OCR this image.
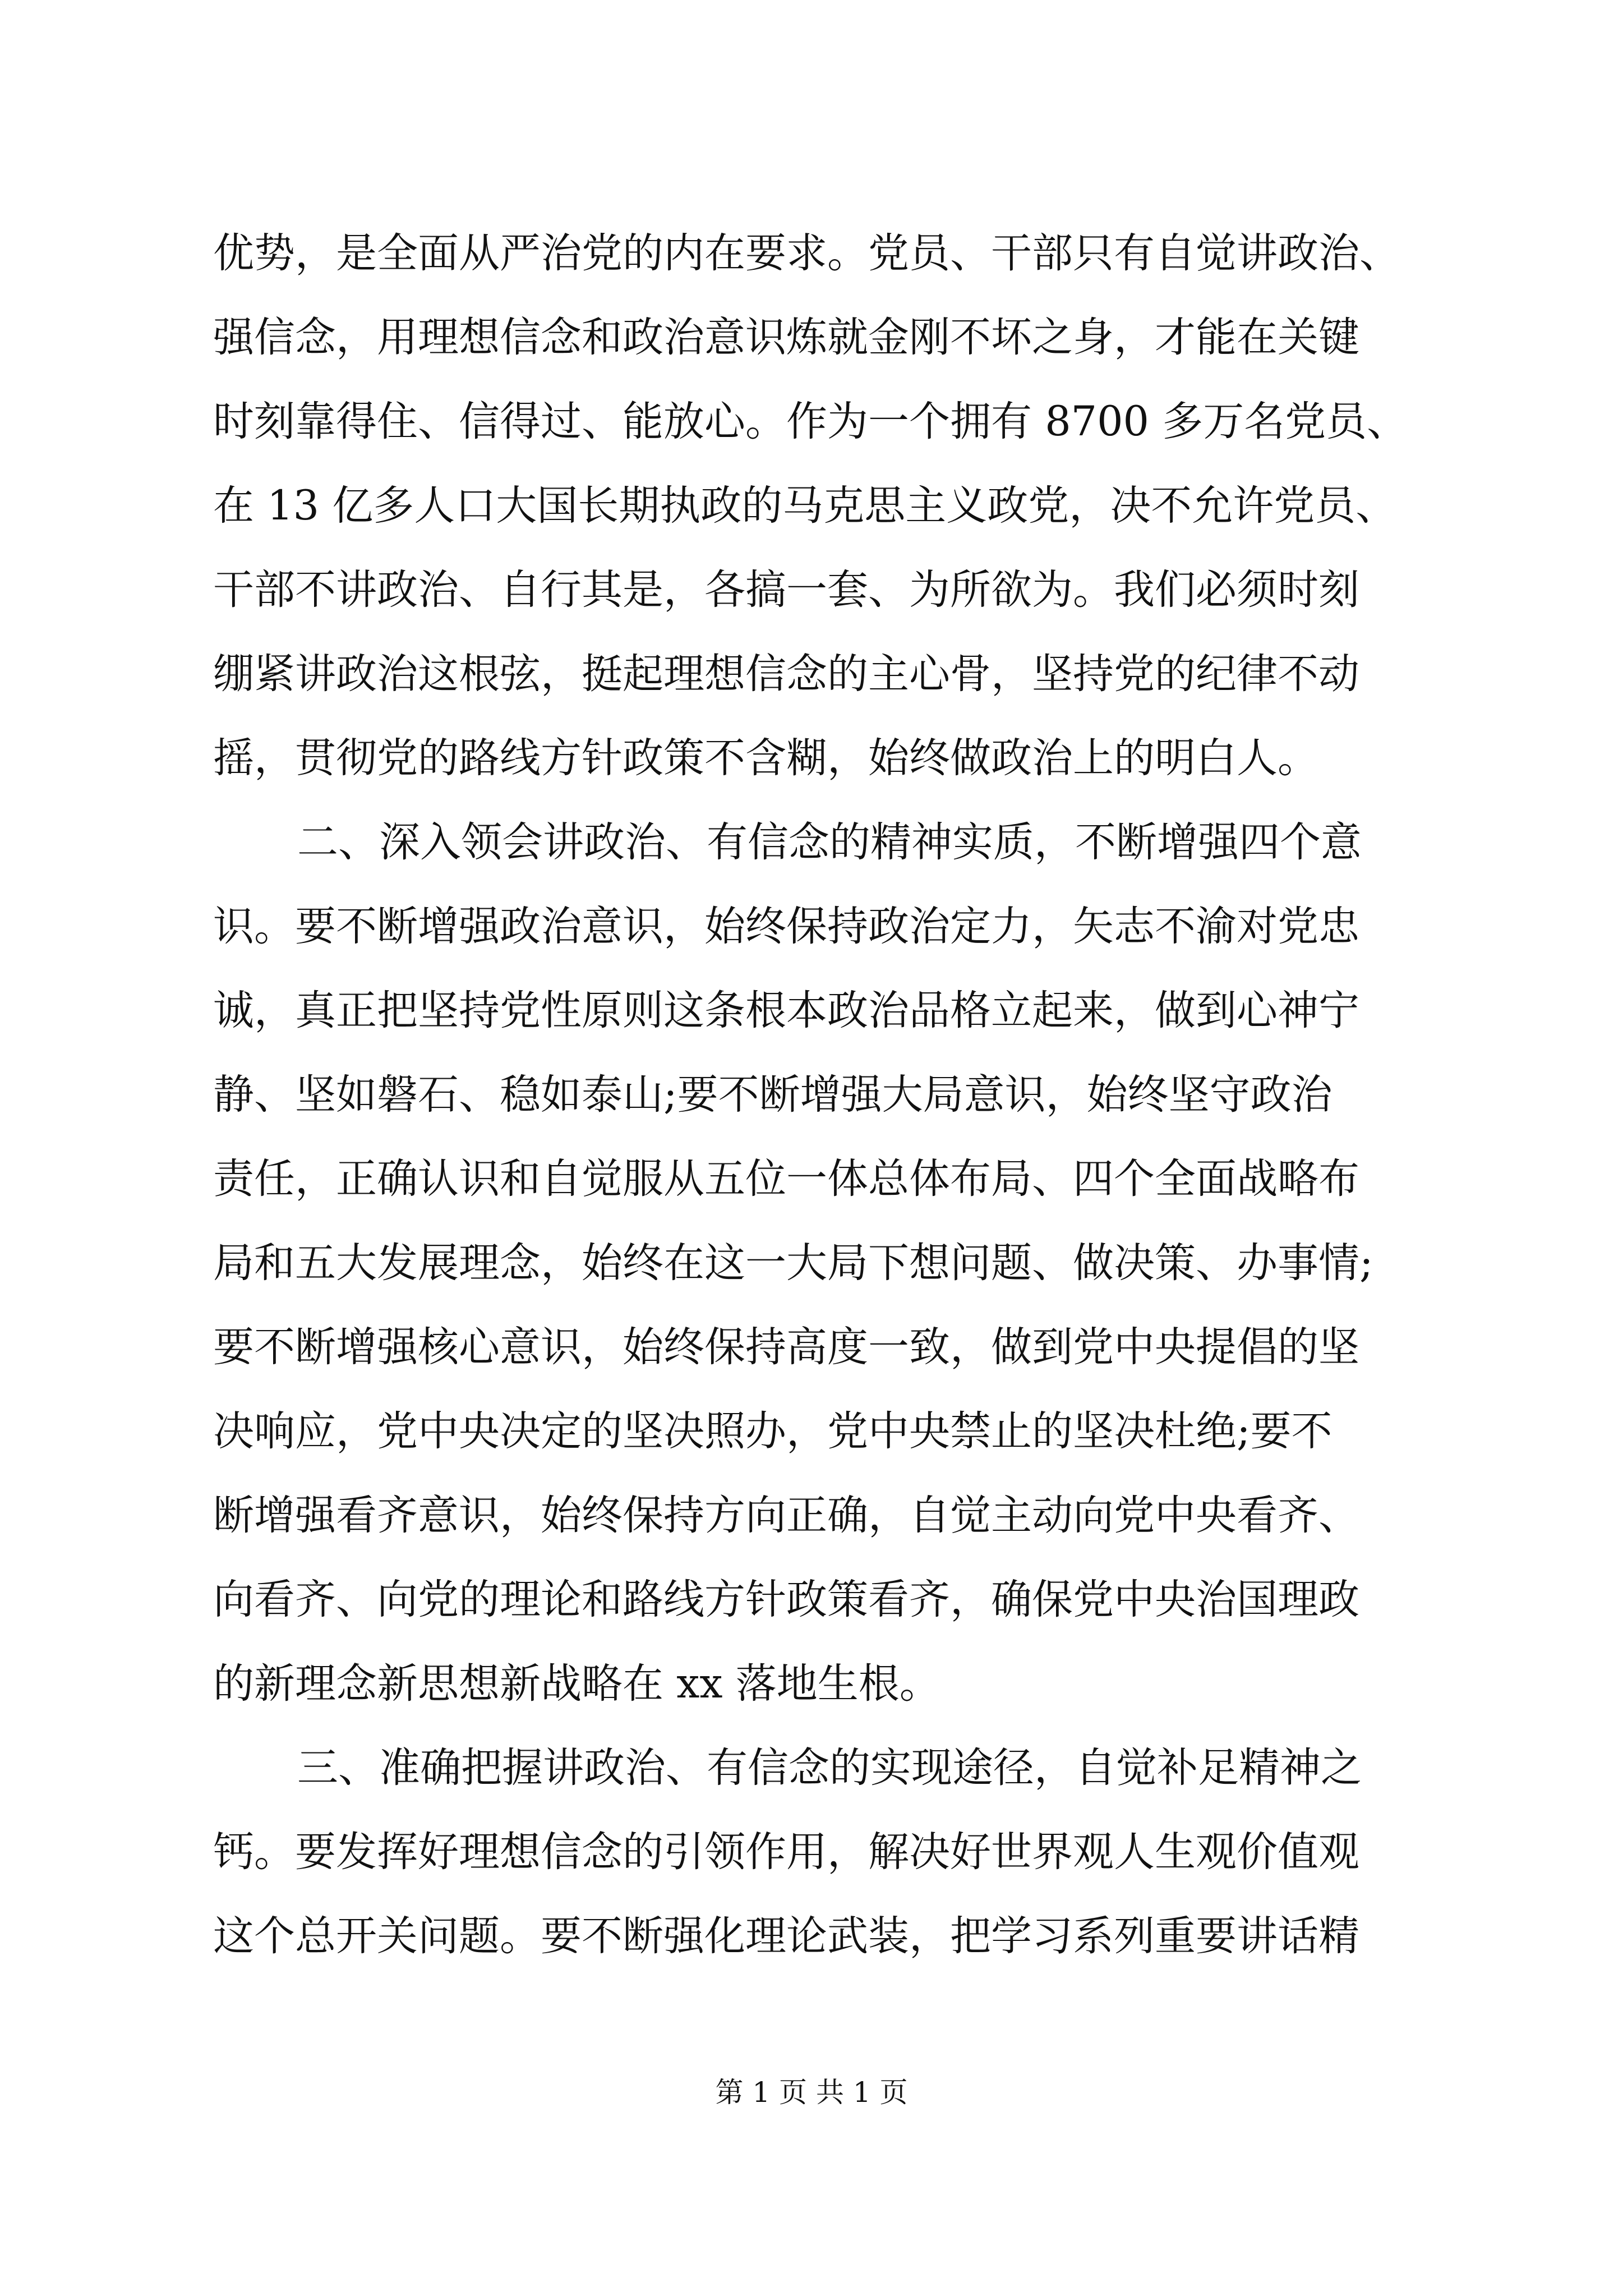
优势，是全面从严治党的内在要求。党员、干部只有自觉讲政治、
强信念，用理想信念和政治意识炼就金刚不坏之身，才能在关键
时刻靠得住、信得过、能放心。作为一个拥有 8700 多万名党员、
在 13 亿多人口大国长期执政的马克思主义政党，决不允许党员、
干部不讲政治、自行其是，各搞一套、为所欲为。我们必须时刻
绷紧讲政治这根弦，挺起理想信念的主心骨，坚持党的纪律不动
摇，贯彻党的路线方针政策不含糊，始终做政治上的明白人。
二、深入领会讲政治、有信念的精神实质，不断增强四个意
识。要不断增强政治意识，始终保持政治定力，矢志不渝对党忠
诚，真正把坚持党性原则这条根本政治品格立起来，做到心神宁
静、坚如磐石、稳如泰山;要不断增强大局意识，始终坚守政治
责任，正确认识和自觉服从五位一体总体布局、四个全面战略布
局和五大发展理念，始终在这一大局下想问题、做决策、办事情;
要不断增强核心意识，始终保持高度一致，做到党中央提倡的坚
决响应，党中央决定的坚决照办，党中央禁止的坚决杜绝;要不
断增强看齐意识，始终保持方向正确，自觉主动向党中央看齐、
向看齐、向党的理论和路线方针政策看齐，确保党中央治国理政
的新理念新思想新战略在 xx 落地生根。
三、准确把握讲政治、有信念的实现途径，自觉补足精神之
钙。要发挥好理想信念的引领作用，解决好世界观人生观价值观
这个总开关问题。要不断强化理论武装，把学习系列重要讲话精
第 1 页 共 1 页
